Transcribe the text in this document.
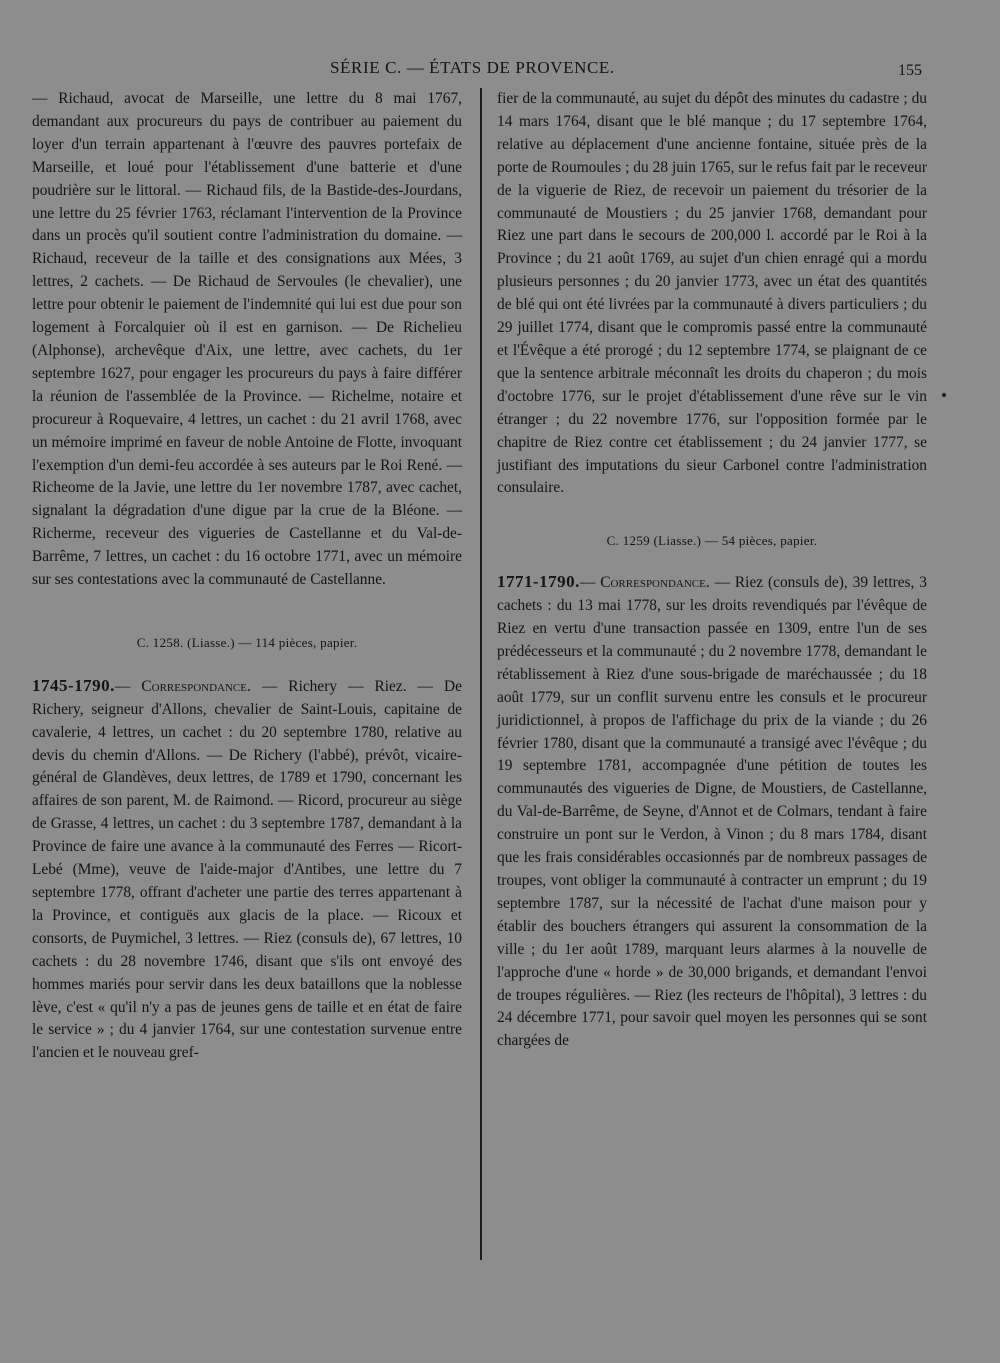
SÉRIE C. — ÉTATS DE PROVENCE.	155

— Richaud, avocat de Marseille, une lettre du 8 mai 1767, demandant aux procureurs du pays de contribuer au paiement du loyer d'un terrain appartenant à l'œuvre des pauvres portefaix de Marseille, et loué pour l'établissement d'une batterie et d'une poudrière sur le littoral. — Richaud fils, de la Bastide-des-Jourdans, une lettre du 25 février 1763, réclamant l'intervention de la Province dans un procès qu'il soutient contre l'administration du domaine. — Richaud, receveur de la taille et des consignations aux Mées, 3 lettres, 2 cachets. — De Richaud de Servoules (le chevalier), une lettre pour obtenir le paiement de l'indemnité qui lui est due pour son logement à Forcalquier où il est en garnison. — De Richelieu (Alphonse), archevêque d'Aix, une lettre, avec cachets, du 1er septembre 1627, pour engager les procureurs du pays à faire différer la réunion de l'assemblée de la Province. — Richelme, notaire et procureur à Roquevaire, 4 lettres, un cachet : du 21 avril 1768, avec un mémoire imprimé en faveur de noble Antoine de Flotte, invoquant l'exemption d'un demi-feu accordée à ses auteurs par le Roi René. — Richeome de la Javie, une lettre du 1er novembre 1787, avec cachet, signalant la dégradation d'une digue par la crue de la Bléone. — Richerme, receveur des vigueries de Castellanne et du Val-de-Barrême, 7 lettres, un cachet : du 16 octobre 1771, avec un mémoire sur ses contestations avec la communauté de Castellanne.

C. 1258. (Liasse.) — 114 pièces, papier.

1745-1790.— Correspondance. — Richery — Riez. — De Richery, seigneur d'Allons, chevalier de Saint-Louis, capitaine de cavalerie, 4 lettres, un cachet : du 20 septembre 1780, relative au devis du chemin d'Allons. — De Richery (l'abbé), prévôt, vicaire-général de Glandèves, deux lettres, de 1789 et 1790, concernant les affaires de son parent, M. de Raimond. — Ricord, procureur au siège de Grasse, 4 lettres, un cachet : du 3 septembre 1787, demandant à la Province de faire une avance à la communauté des Ferres — Ricort-Lebé (Mme), veuve de l'aide-major d'Antibes, une lettre du 7 septembre 1778, offrant d'acheter une partie des terres appartenant à la Province, et contiguës aux glacis de la place. — Ricoux et consorts, de Puymichel, 3 lettres. — Riez (consuls de), 67 lettres, 10 cachets : du 28 novembre 1746, disant que s'ils ont envoyé des hommes mariés pour servir dans les deux bataillons que la noblesse lève, c'est « qu'il n'y a pas de jeunes gens de taille et en état de faire le service » ; du 4 janvier 1764, sur une contestation survenue entre l'ancien et le nouveau gref-

fier de la communauté, au sujet du dépôt des minutes du cadastre ; du 14 mars 1764, disant que le blé manque ; du 17 septembre 1764, relative au déplacement d'une ancienne fontaine, située près de la porte de Roumoules ; du 28 juin 1765, sur le refus fait par le receveur de la viguerie de Riez, de recevoir un paiement du trésorier de la communauté de Moustiers ; du 25 janvier 1768, demandant pour Riez une part dans le secours de 200,000 l. accordé par le Roi à la Province ; du 21 août 1769, au sujet d'un chien enragé qui a mordu plusieurs personnes ; du 20 janvier 1773, avec un état des quantités de blé qui ont été livrées par la communauté à divers particuliers ; du 29 juillet 1774, disant que le compromis passé entre la communauté et l'Évêque a été prorogé ; du 12 septembre 1774, se plaignant de ce que la sentence arbitrale méconnaît les droits du chaperon ; du mois d'octobre 1776, sur le projet d'établissement d'une rêve sur le vin étranger ; du 22 novembre 1776, sur l'opposition formée par le chapitre de Riez contre cet établissement ; du 24 janvier 1777, se justifiant des imputations du sieur Carbonel contre l'administration consulaire.

C. 1259 (Liasse.) — 54 pièces, papier.

1771-1790.— Correspondance. — Riez (consuls de), 39 lettres, 3 cachets : du 13 mai 1778, sur les droits revendiqués par l'évêque de Riez en vertu d'une transaction passée en 1309, entre l'un de ses prédécesseurs et la communauté ; du 2 novembre 1778, demandant le rétablissement à Riez d'une sous-brigade de maréchaussée ; du 18 août 1779, sur un conflit survenu entre les consuls et le procureur juridictionnel, à propos de l'affichage du prix de la viande ; du 26 février 1780, disant que la communauté a transigé avec l'évêque ; du 19 septembre 1781, accompagnée d'une pétition de toutes les communautés des vigueries de Digne, de Moustiers, de Castellanne, du Val-de-Barrême, de Seyne, d'Annot et de Colmars, tendant à faire construire un pont sur le Verdon, à Vinon ; du 8 mars 1784, disant que les frais considérables occasionnés par de nombreux passages de troupes, vont obliger la communauté à contracter un emprunt ; du 19 septembre 1787, sur la nécessité de l'achat d'une maison pour y établir des bouchers étrangers qui assurent la consommation de la ville ; du 1er août 1789, marquant leurs alarmes à la nouvelle de l'approche d'une « horde » de 30,000 brigands, et demandant l'envoi de troupes régulières. — Riez (les recteurs de l'hôpital), 3 lettres : du 24 décembre 1771, pour savoir quel moyen les personnes qui se sont chargées de
